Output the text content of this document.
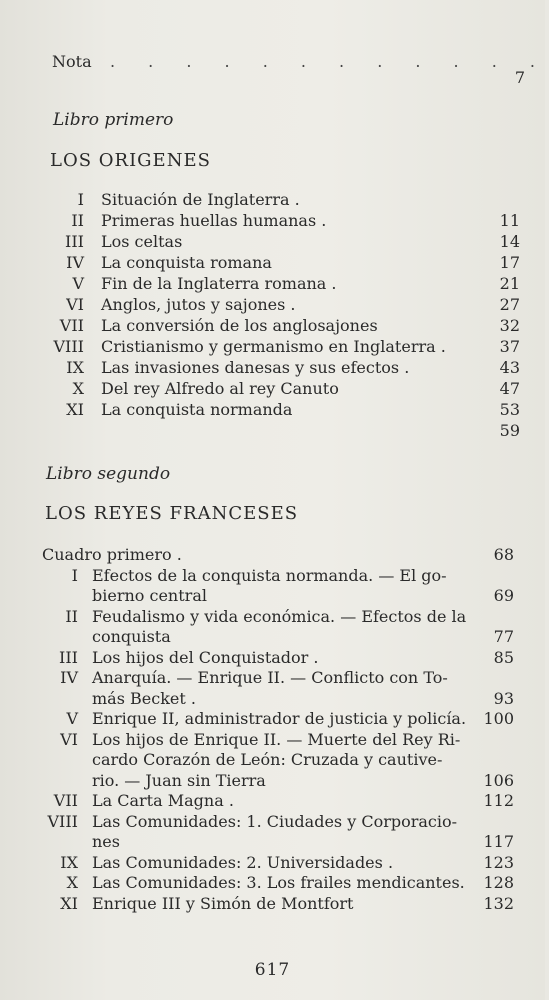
Nota . . . . . . . . . . . .
7
Libro primero
LOS ORIGENES
I Situación de Inglaterra .
II Primeras huellas humanas .	11
III Los celtas	14
IV La conquista romana	17
V Fin de la Inglaterra romana .	21
VI Anglos, jutos y sajones .	27
VII La conversión de los anglosajones	32
VIII Cristianismo y germanismo en Inglaterra .	37
IX Las invasiones danesas y sus efectos .	43
X Del rey Alfredo al rey Canuto	47
XI La conquista normanda	53
59
Libro segundo
LOS REYES FRANCESES
Cuadro primero .	68
I Efectos de la conquista normanda. — El go-
bierno central	69
II Feudalismo y vida económica. — Efectos de la
conquista	77
III Los hijos del Conquistador .	85
IV Anarquía. — Enrique II. — Conflicto con To-
más Becket .	93
V Enrique II, administrador de justicia y policía. 100
VI Los hijos de Enrique II. — Muerte del Rey Ri-
cardo Corazón de León: Cruzada y cautive-
rio. — Juan sin Tierra	106
VII La Carta Magna .	112
VIII Las Comunidades: 1. Ciudades y Corporacio-
nes	117
IX Las Comunidades: 2. Universidades .	123
X Las Comunidades: 3. Los frailes mendicantes. 128
XI Enrique III y Simón de Montfort	132
617
